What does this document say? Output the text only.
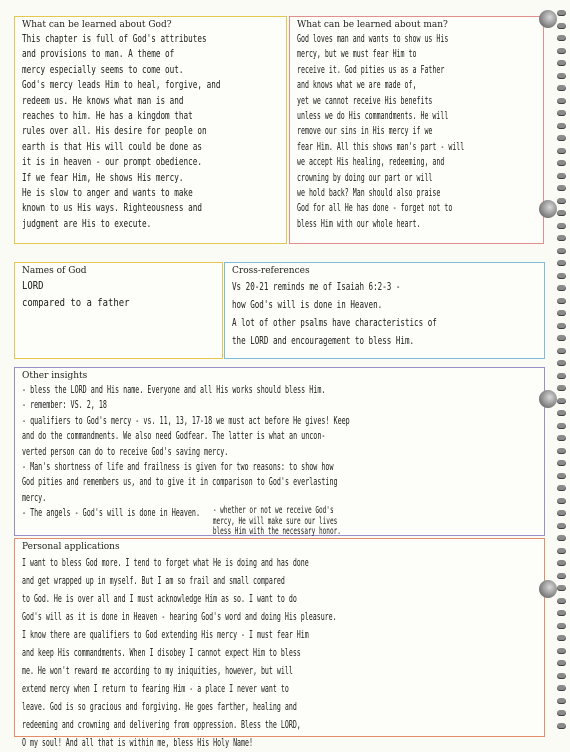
What can be learned about God?
This chapter is full of God's attributes
and provisions to man. A theme of
mercy especially seems to come out.
God's mercy leads Him to heal, forgive, and
redeem us. He knows what man is and
reaches to him. He has a kingdom that
rules over all. His desire for people on
earth is that His will could be done as
it is in heaven - our prompt obedience.
If we fear Him, He shows His mercy.
He is slow to anger and wants to make
known to us His ways. Righteousness and
judgment are His to execute.
What can be learned about man?
God loves man and wants to show us His
mercy, but we must fear Him to
receive it. God pities us as a Father
and knows what we are made of,
yet we cannot receive His benefits
unless we do His commandments. He will
remove our sins in His mercy if we
fear Him. All this shows man's part - will
we accept His healing, redeeming, and
crowning by doing our part or will
we hold back? Man should also praise
God for all He has done - forget not to
bless Him with our whole heart.
Names of God
LORD
compared to a father
Cross-references
Vs 20-21 reminds me of Isaiah 6:2-3 -
how God's will is done in Heaven.
A lot of other psalms have characteristics of
the LORD and encouragement to bless Him.
Other insights
- bless the LORD and His name. Everyone and all His works should bless Him.
- remember: VS. 2, 18
- qualifiers to God's mercy - vs. 11, 13, 17-18 we must act before He gives! Keep
and do the commandments. We also need Godfear. The latter is what an uncon-
verted person can do to receive God's saving mercy.
- Man's shortness of life and frailness is given for two reasons: to show how
God pities and remembers us, and to give it in comparison to God's everlasting
mercy.
- The angels - God's will is done in Heaven. - whether or not we receive God's
mercy, He will make sure our lives
bless Him with the necessary honor.
Personal applications
I want to bless God more. I tend to forget what He is doing and has done
and get wrapped up in myself. But I am so frail and small compared
to God. He is over all and I must acknowledge Him as so. I want to do
God's will as it is done in Heaven - hearing God's word and doing His pleasure.
I know there are qualifiers to God extending His mercy - I must fear Him
and keep His commandments. When I disobey I cannot expect Him to bless
me. He won't reward me according to my iniquities, however, but will
extend mercy when I return to fearing Him - a place I never want to
leave. God is so gracious and forgiving. He goes farther, healing and
redeeming and crowning and delivering from oppression. Bless the LORD,
O my soul! And all that is within me, bless His Holy Name!
